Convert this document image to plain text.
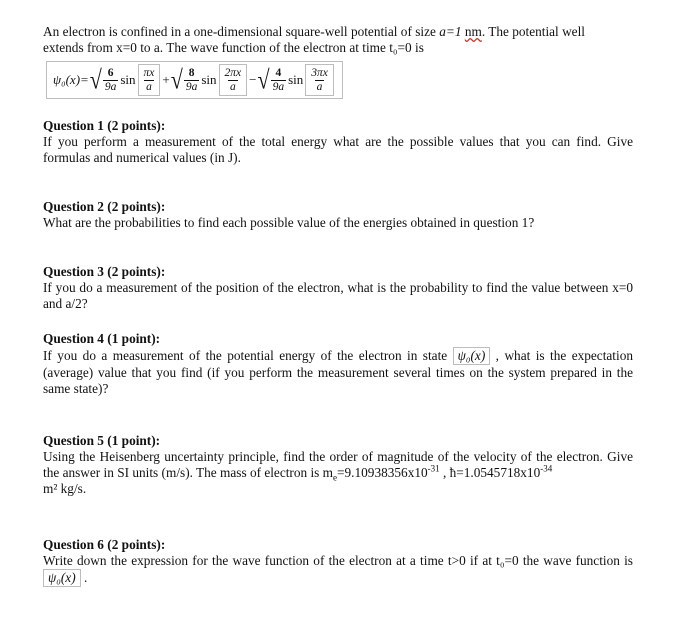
An electron is confined in a one-dimensional square-well potential of size a=1 nm. The potential well
extends from x=0 to a. The wave function of the electron at time t₀=0 is
ψ₀(x)= √ $\frac{6}{9a}$ $\sin \frac{\pi x}{a}$ + √ $\frac{8}{9a}$ $\sin \frac{2\pi x}{a}$ − √ $\frac{4}{9a}$ $\sin \frac{3\pi x}{a}$
Question 1 (2 points):
If you perform a measurement of the total energy what are the possible values that you can find. Give formulas and numerical values (in J).
Question 2 (2 points):
What are the probabilities to find each possible value of the energies obtained in question 1?
Question 3 (2 points):
If you do a measurement of the position of the electron, what is the probability to find the value between x=0 and a/2?
Question 4 (1 point):
If you do a measurement of the potential energy of the electron in state ψ₀(x) , what is the expectation (average) value that you find (if you perform the measurement several times on the system prepared in the same state)?
Question 5 (1 point):
Using the Heisenberg uncertainty principle, find the order of magnitude of the velocity of the electron. Give the answer in SI units (m/s). The mass of electron is $m_e=9.10938356x10^{-31}$ , $ħ=1.0545718x10^{-34}$
m² kg/s.
Question 6 (2 points):
Write down the expression for the wave function of the electron at a time t>0 if at t₀=0 the wave function is ψ₀(x) .
